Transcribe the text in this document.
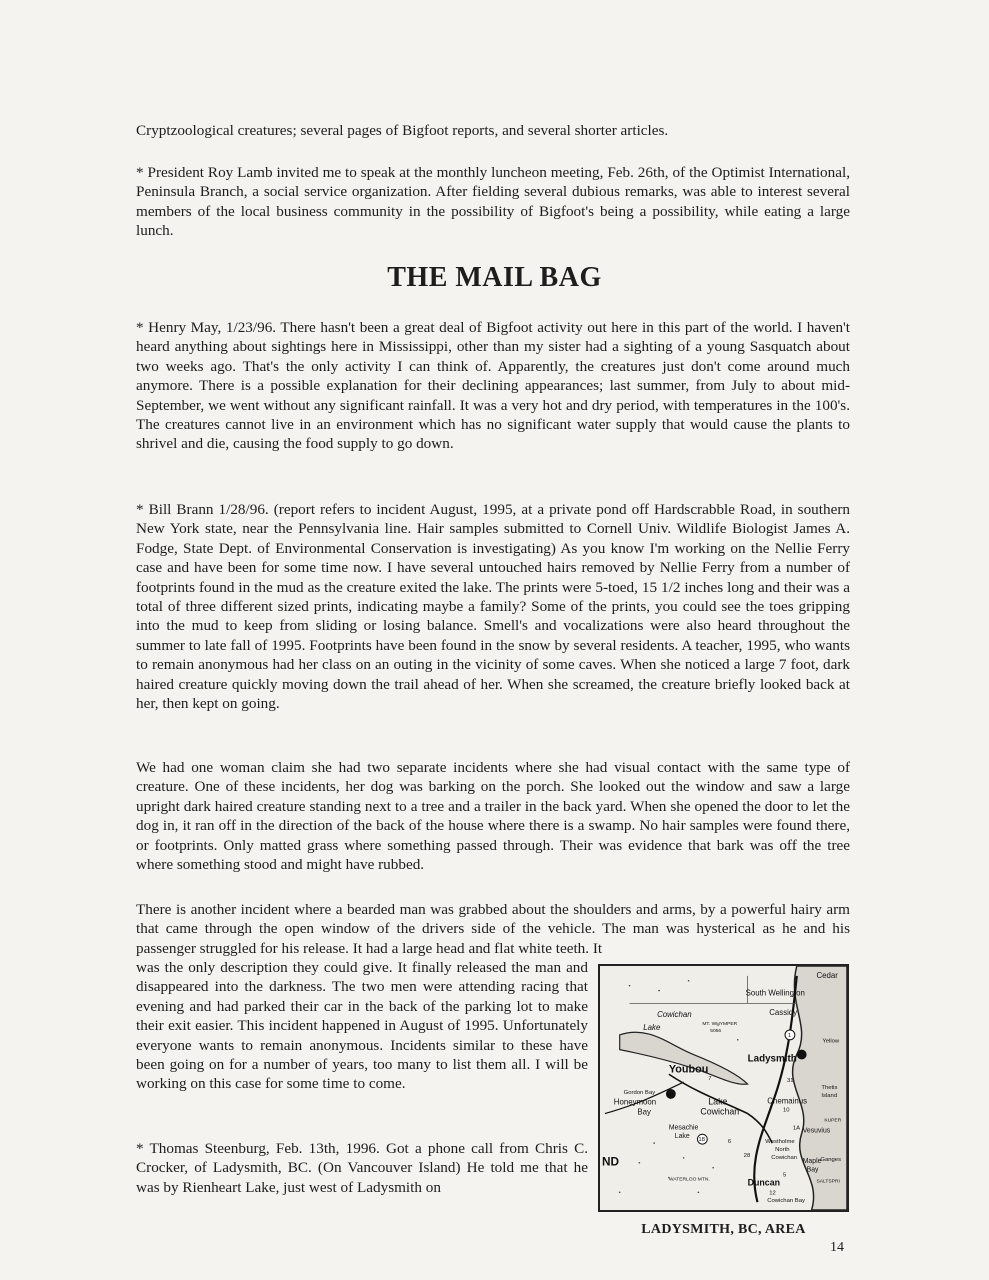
Cryptzoological creatures; several pages of Bigfoot reports, and several shorter articles.

* President Roy Lamb invited me to speak at the monthly luncheon meeting, Feb. 26th, of the Optimist International, Peninsula Branch, a social service organization. After fielding several dubious remarks, was able to interest several members of the local business community in the possibility of Bigfoot's being a possibility, while eating a large lunch.

THE MAIL BAG

* Henry May, 1/23/96. There hasn't been a great deal of Bigfoot activity out here in this part of the world. I haven't heard anything about sightings here in Mississippi, other than my sister had a sighting of a young Sasquatch about two weeks ago. That's the only activity I can think of. Apparently, the creatures just don't come around much anymore. There is a possible explanation for their declining appearances; last summer, from July to about mid-September, we went without any significant rainfall. It was a very hot and dry period, with temperatures in the 100's. The creatures cannot live in an environment which has no significant water supply that would cause the plants to shrivel and die, causing the food supply to go down.

* Bill Brann 1/28/96. (report refers to incident August, 1995, at a private pond off Hardscrabble Road, in southern New York state, near the Pennsylvania line. Hair samples submitted to Cornell Univ. Wildlife Biologist James A. Fodge, State Dept. of Environmental Conservation is investigating) As you know I'm working on the Nellie Ferry case and have been for some time now. I have several untouched hairs removed by Nellie Ferry from a number of footprints found in the mud as the creature exited the lake. The prints were 5-toed, 15 1/2 inches long and their was a total of three different sized prints, indicating maybe a family? Some of the prints, you could see the toes gripping into the mud to keep from sliding or losing balance. Smell's and vocalizations were also heard throughout the summer to late fall of 1995. Footprints have been found in the snow by several residents. A teacher, 1995, who wants to remain anonymous had her class on an outing in the vicinity of some caves. When she noticed a large 7 foot, dark haired creature quickly moving down the trail ahead of her. When she screamed, the creature briefly looked back at her, then kept on going.

We had one woman claim she had two separate incidents where she had visual contact with the same type of creature. One of these incidents, her dog was barking on the porch. She looked out the window and saw a large upright dark haired creature standing next to a tree and a trailer in the back yard. When she opened the door to let the dog in, it ran off in the direction of the back of the house where there is a swamp. No hair samples were found there, or footprints. Only matted grass where something passed through. Their was evidence that bark was off the tree where something stood and might have rubbed.

There is another incident where a bearded man was grabbed about the shoulders and arms, by a powerful hairy arm that came through the open window of the drivers side of the vehicle. The man was hysterical as he and his passenger struggled for his release. It had a large head and flat white teeth. It

was the only description they could give. It finally released the man and disappeared into the darkness. The two men were attending racing that evening and had parked their car in the back of the parking lot to make their exit easier. This incident happened in August of 1995. Unfortunately everyone wants to remain anonymous. Incidents similar to these have been going on for a number of years, too many to list them all. I will be working on this case for some time to come.

* Thomas Steenburg, Feb. 13th, 1996. Got a phone call from Chris C. Crocker, of Ladysmith, BC. (On Vancouver Island) He told me that he was by Rienheart Lake, just west of Ladysmith on

South Wellington
Cassidy
Cedar
Cowichan
Lake	MT. WHYMPER
5056
Ladysmith
Yellow
Youbou
Thetis
Island
Gordon Bay
Honeymoon
Bay
Lake
Cowichan
Chemainus
Mesachie
Lake
Westholme
North
Cowichan
Vesuvius
Maple
Bay
Ganges
KUPER
SALTSPRI
Duncan
Cowichan Bay
WATERLOO MTN.
ND
1
18
28
31
6
7
10
1A
5
12
36
38
LADYSMITH, BC, AREA
14
